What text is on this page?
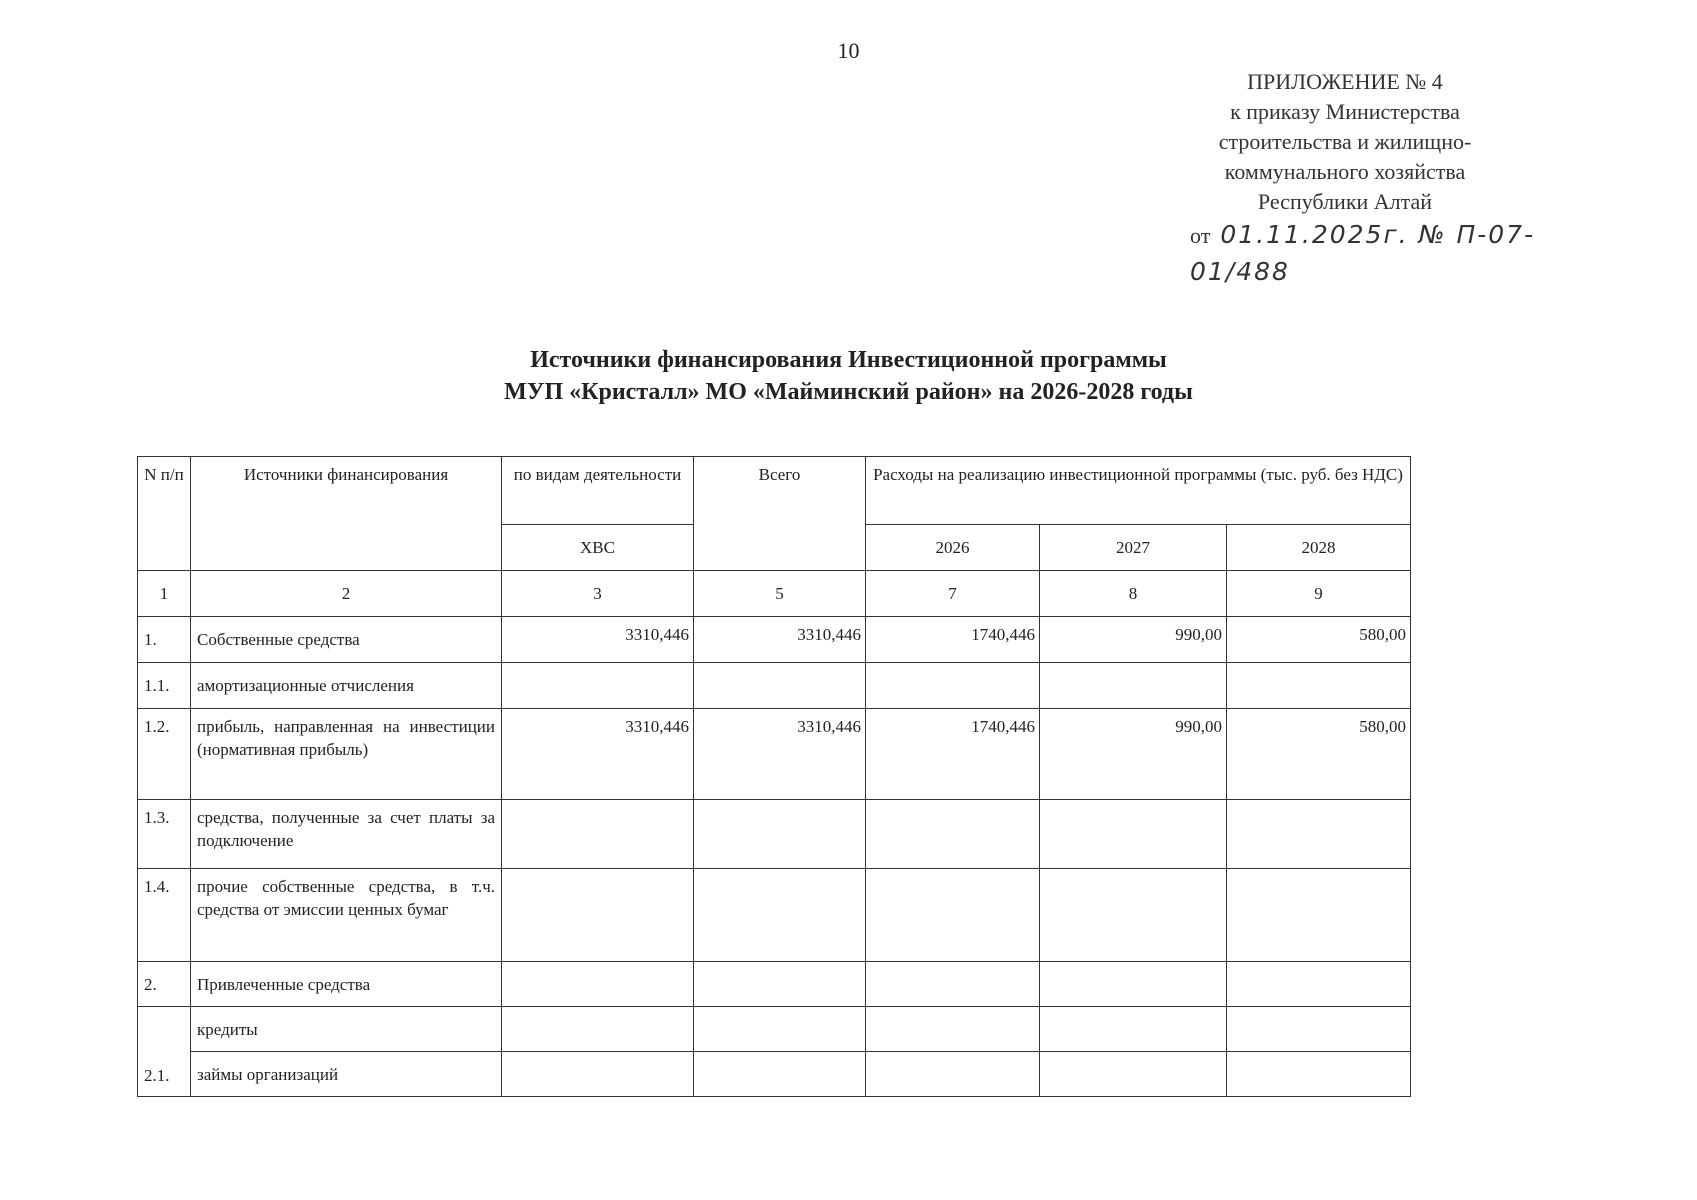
10
ПРИЛОЖЕНИЕ № 4
к приказу Министерства
строительства и жилищно-
коммунального хозяйства
Республики Алтай
от 01.11.2025г. № П-07-01/488
Источники финансирования Инвестиционной программы
МУП «Кристалл» МО «Майминский район» на 2026-2028 годы
N п/п	Источники финансирования	по видам деятельности	Всего	Расходы на реализацию инвестиционной программы (тыс. руб. без НДС)		
		ХВС		2026	2027	2028
1	2	3	5	7	8	9
1.	Собственные средства	3310,446	3310,446	1740,446	990,00	580,00
1.1.	амортизационные отчисления					
1.2.	прибыль, направленная на инвестиции (нормативная прибыль)	3310,446	3310,446	1740,446	990,00	580,00
1.3.	средства, полученные за счет платы за подключение					
1.4.	прочие собственные средства, в т.ч. средства от эмиссии ценных бумаг					
2.	Привлеченные средства					
2.1.	кредиты					
	займы организаций					
